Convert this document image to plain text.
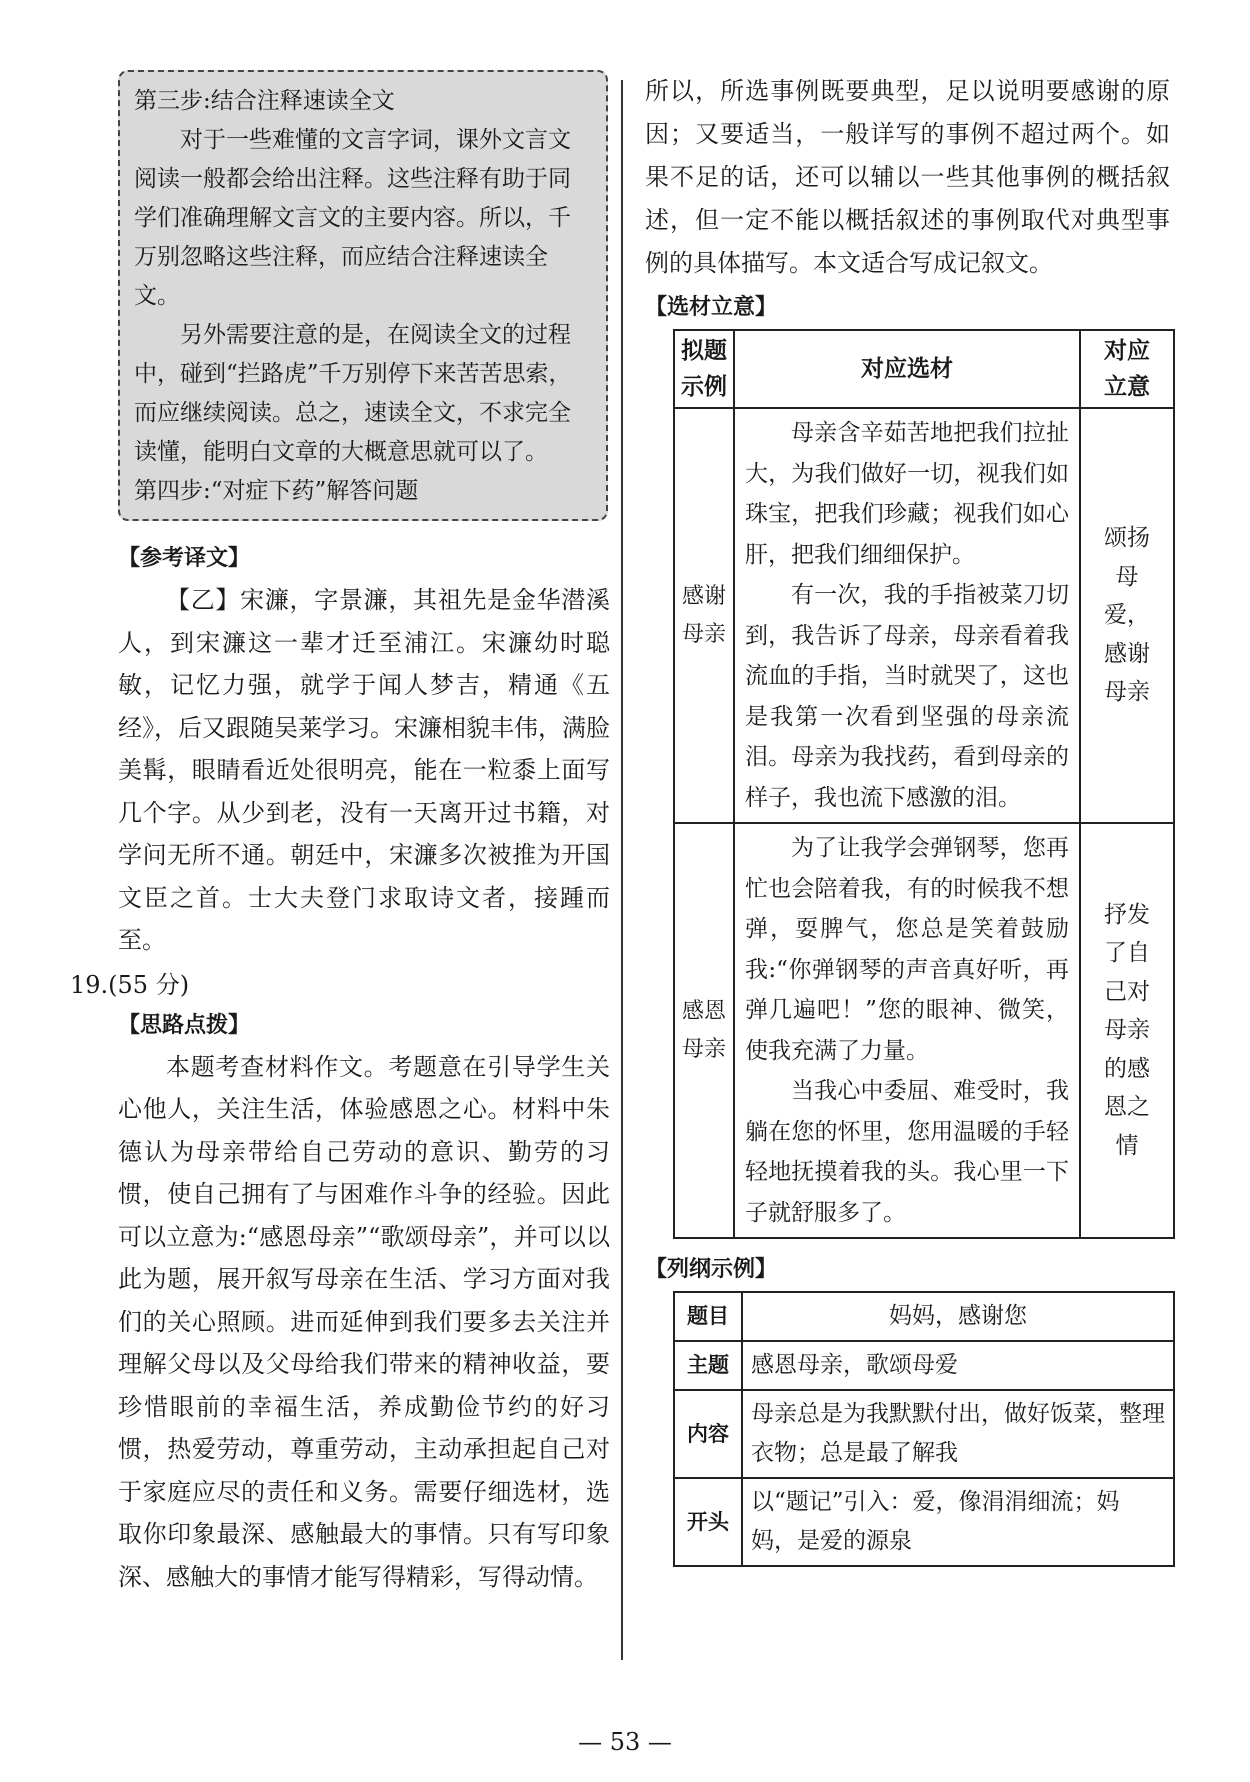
第三步:结合注释速读全文

对于一些难懂的文言字词，课外文言文阅读一般都会给出注释。这些注释有助于同学们准确理解文言文的主要内容。所以，千万别忽略这些注释，而应结合注释速读全文。

另外需要注意的是，在阅读全文的过程中，碰到“拦路虎”千万别停下来苦苦思索，而应继续阅读。总之，速读全文，不求完全读懂，能明白文章的大概意思就可以了。

第四步:“对症下药”解答问题

【参考译文】

【乙】宋濂，字景濂，其祖先是金华潜溪人，到宋濂这一辈才迁至浦江。宋濂幼时聪敏，记忆力强，就学于闻人梦吉，精通《五经》，后又跟随吴莱学习。宋濂相貌丰伟，满脸美髯，眼睛看近处很明亮，能在一粒黍上面写几个字。从少到老，没有一天离开过书籍，对学问无所不通。朝廷中，宋濂多次被推为开国文臣之首。士大夫登门求取诗文者，接踵而至。

19.(55 分)

【思路点拨】

本题考查材料作文。考题意在引导学生关心他人，关注生活，体验感恩之心。材料中朱德认为母亲带给自己劳动的意识、勤劳的习惯，使自己拥有了与困难作斗争的经验。因此可以立意为:“感恩母亲”“歌颂母亲”，并可以以此为题，展开叙写母亲在生活、学习方面对我们的关心照顾。进而延伸到我们要多去关注并理解父母以及父母给我们带来的精神收益，要珍惜眼前的幸福生活，养成勤俭节约的好习惯，热爱劳动，尊重劳动，主动承担起自己对于家庭应尽的责任和义务。需要仔细选材，选取你印象最深、感触最大的事情。只有写印象深、感触大的事情才能写得精彩，写得动情。

所以，所选事例既要典型，足以说明要感谢的原因；又要适当，一般详写的事例不超过两个。如果不足的话，还可以辅以一些其他事例的概括叙述，但一定不能以概括叙述的事例取代对典型事例的具体描写。本文适合写成记叙文。

【选材立意】

拟题示例	对应选材	对应立意
感谢母亲	母亲含辛茹苦地把我们拉扯大，为我们做好一切，视我们如珠宝，把我们珍藏；视我们如心肝，把我们细细保护。

有一次，我的手指被菜刀切到，我告诉了母亲，母亲看着我流血的手指，当时就哭了，这也是我第一次看到坚强的母亲流泪。母亲为我找药，看到母亲的样子，我也流下感激的泪。	颂扬母爱，感谢母亲
感恩母亲	为了让我学会弹钢琴，您再忙也会陪着我，有的时候我不想弹，耍脾气，您总是笑着鼓励我:“你弹钢琴的声音真好听，再弹几遍吧！”您的眼神、微笑，使我充满了力量。

当我心中委屈、难受时，我躺在您的怀里，您用温暖的手轻轻地抚摸着我的头。我心里一下子就舒服多了。	抒发了自己对母亲的感恩之情

【列纲示例】

题目	妈妈，感谢您
主题	感恩母亲，歌颂母爱
内容	母亲总是为我默默付出，做好饭菜，整理衣物；总是最了解我
开头	以“题记”引入：爱，像涓涓细流；妈妈，是爱的源泉
— 53 —
